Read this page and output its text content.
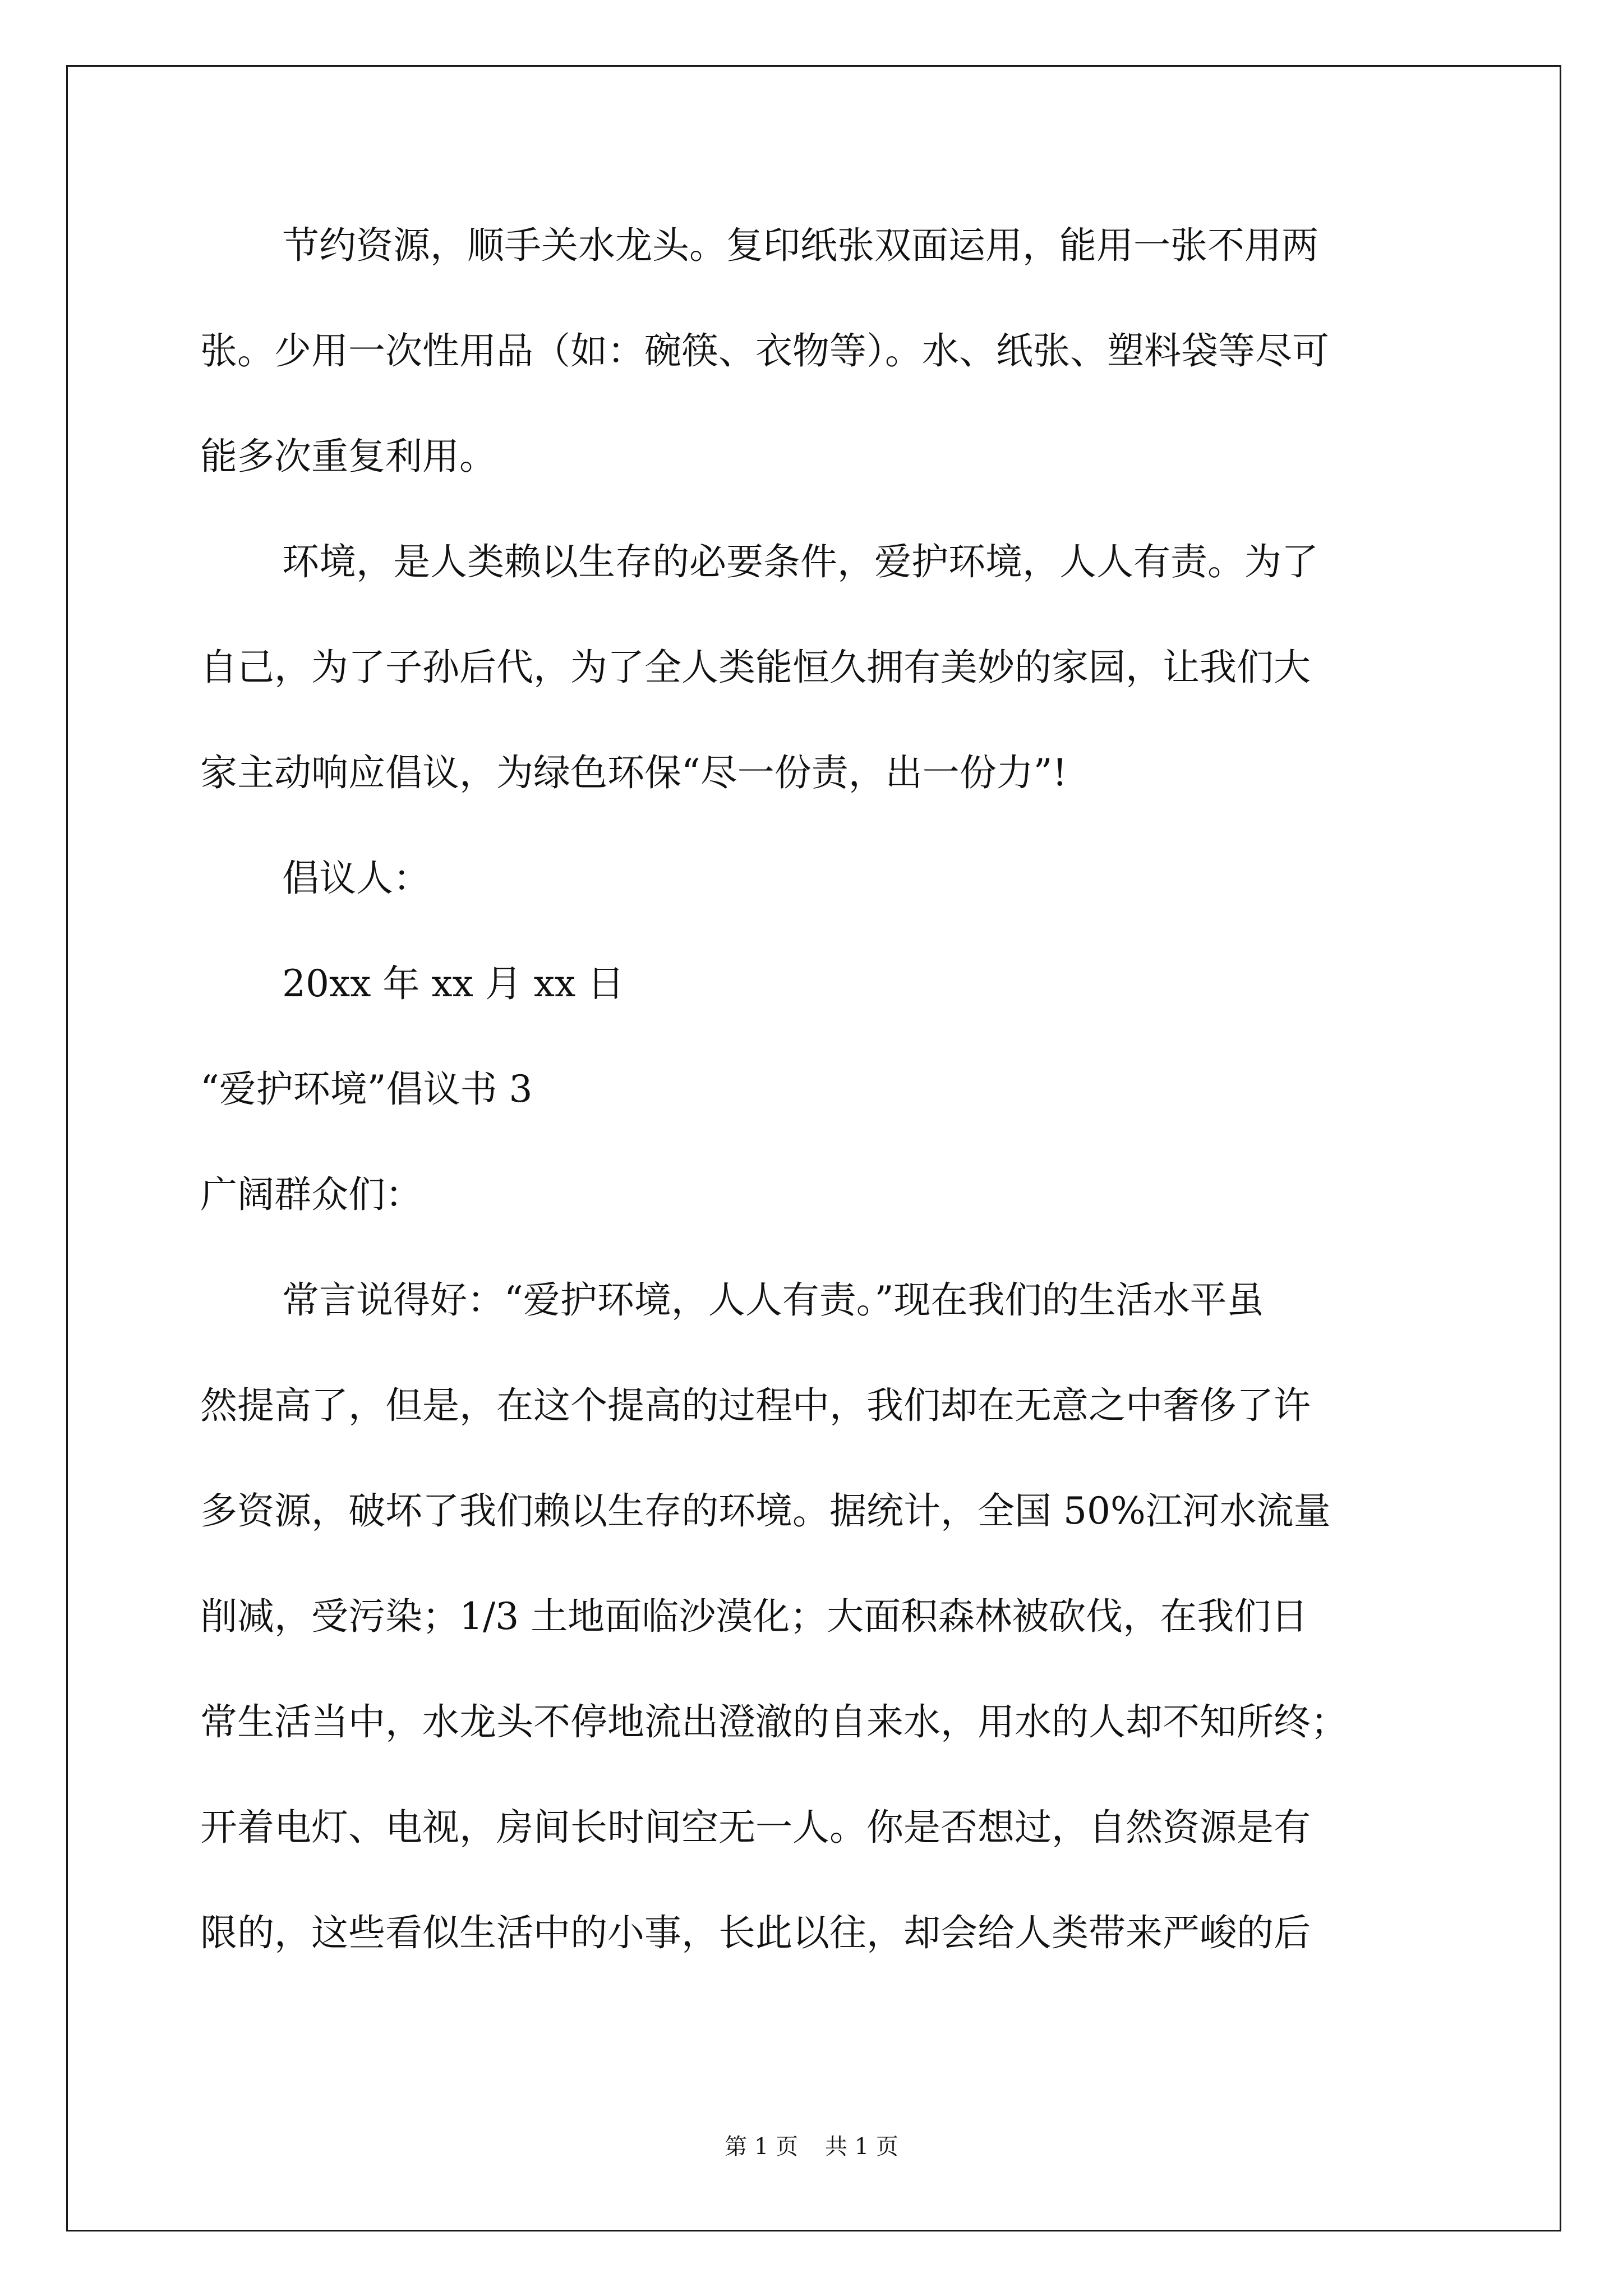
节约资源，顺手关水龙头。复印纸张双面运用，能用一张不用两
张。少用一次性用品（如：碗筷、衣物等）。水、纸张、塑料袋等尽可
能多次重复利用。
环境，是人类赖以生存的必要条件，爱护环境，人人有责。为了
自己，为了子孙后代，为了全人类能恒久拥有美妙的家园，让我们大
家主动响应倡议，为绿色环保“尽一份责，出一份力”!
倡议人：
20xx 年 xx 月 xx 日
“爱护环境”倡议书 3
广阔群众们：
常言说得好：“爱护环境，人人有责。”现在我们的生活水平虽
然提高了，但是，在这个提高的过程中，我们却在无意之中奢侈了许
多资源，破坏了我们赖以生存的环境。据统计，全国 50%江河水流量
削减，受污染；1/3 土地面临沙漠化；大面积森林被砍伐，在我们日
常生活当中，水龙头不停地流出澄澈的自来水，用水的人却不知所终；
开着电灯、电视，房间长时间空无一人。你是否想过，自然资源是有
限的，这些看似生活中的小事，长此以往，却会给人类带来严峻的后
第 1 页 共 1 页
